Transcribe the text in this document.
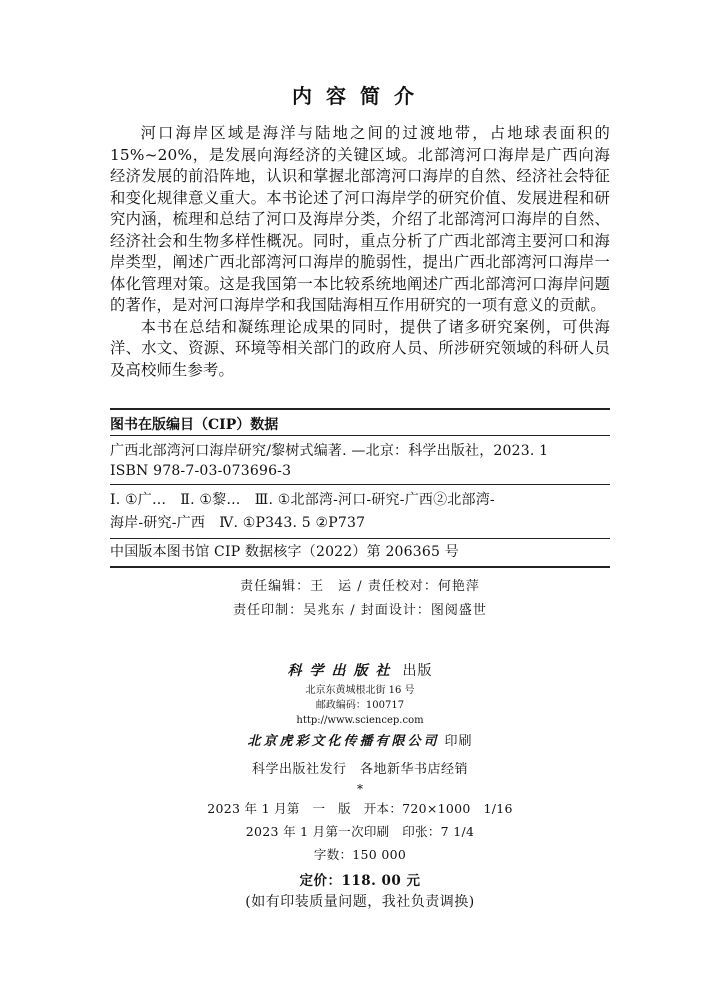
内容简介

河口海岸区域是海洋与陆地之间的过渡地带，占地球表面积的15%~20%，是发展向海经济的关键区域。北部湾河口海岸是广西向海经济发展的前沿阵地，认识和掌握北部湾河口海岸的自然、经济社会特征和变化规律意义重大。本书论述了河口海岸学的研究价值、发展进程和研究内涵，梳理和总结了河口及海岸分类，介绍了北部湾河口海岸的自然、经济社会和生物多样性概况。同时，重点分析了广西北部湾主要河口和海岸类型，阐述广西北部湾河口海岸的脆弱性，提出广西北部湾河口海岸一体化管理对策。这是我国第一本比较系统地阐述广西北部湾河口海岸问题的著作，是对河口海岸学和我国陆海相互作用研究的一项有意义的贡献。

本书在总结和凝练理论成果的同时，提供了诸多研究案例，可供海洋、水文、资源、环境等相关部门的政府人员、所涉研究领域的科研人员及高校师生参考。

图书在版编目（CIP）数据
广西北部湾河口海岸研究/黎树式编著. —北京：科学出版社，2023. 1
ISBN 978-7-03-073696-3
Ⅰ. ①广…　Ⅱ. ①黎…　Ⅲ. ①北部湾-河口-研究-广西②北部湾-
海岸-研究-广西　Ⅳ. ①P343. 5 ②P737
中国版本图书馆 CIP 数据核字（2022）第 206365 号
责任编辑：王　运 / 责任校对：何艳萍
责任印制：吴兆东 / 封面设计：图阅盛世
科学出版社 出版
北京东黄城根北街 16 号
邮政编码：100717
http://www.sciencep.com
北京虎彩文化传播有限公司 印刷
科学出版社发行　各地新华书店经销
*
2023 年 1 月第　一　版　开本：720×1000　1/16
2023 年 1 月第一次印刷　印张：7 1/4
字数：150 000
定价：118. 00 元
(如有印装质量问题，我社负责调换)
